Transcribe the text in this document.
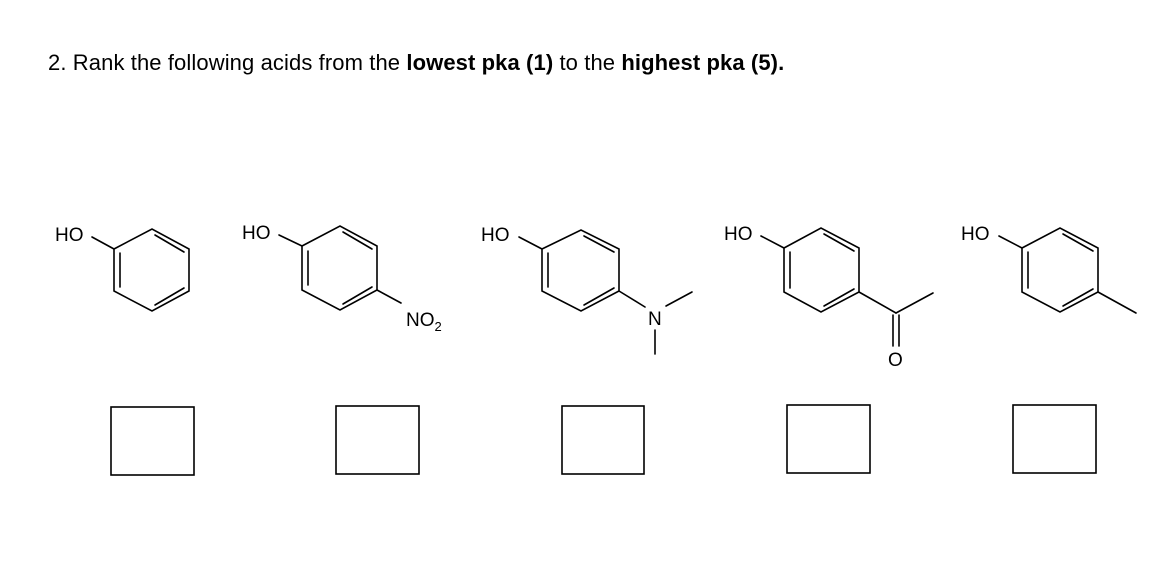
2. Rank the following acids from the lowest pka (1) to the highest pka (5).
HO	HO
$NO_2$
HO
N
HO
O
HO
